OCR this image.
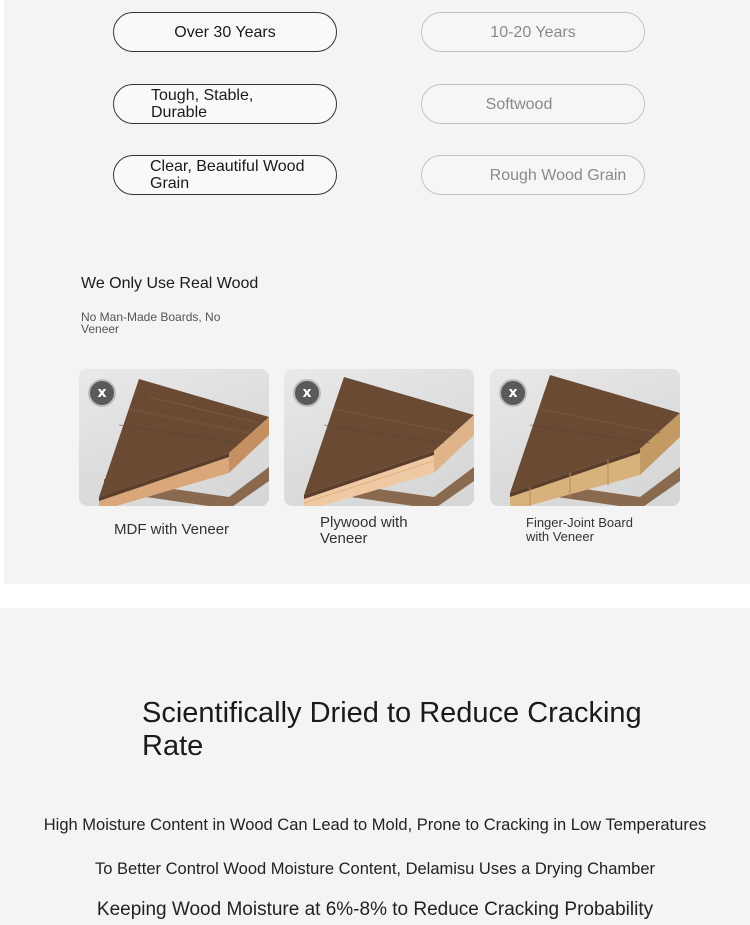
Over 30 Years	10-20 Years
Tough, Stable, Durable	Softwood
Clear, Beautiful Wood Grain	Rough Wood Grain
We Only Use Real Wood
No Man-Made Boards, No Veneer
x	x	x
MDF with Veneer	Plywood with Veneer
Finger-Joint Board with Veneer
Scientifically Dried to Reduce Cracking Rate
High Moisture Content in Wood Can Lead to Mold, Prone to Cracking in Low Temperatures
To Better Control Wood Moisture Content, Delamisu Uses a Drying Chamber
Keeping Wood Moisture at 6%-8% to Reduce Cracking Probability
